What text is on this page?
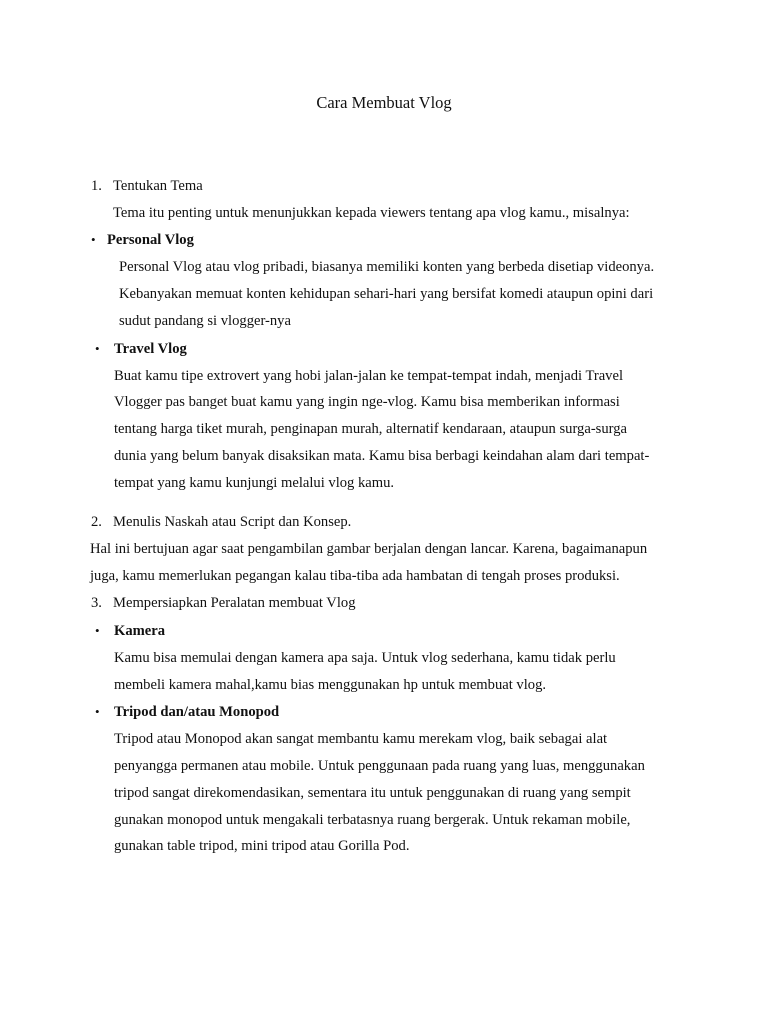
Cara Membuat Vlog
1. Tentukan Tema
Tema itu penting untuk menunjukkan kepada viewers tentang apa vlog kamu., misalnya:
• Personal Vlog
Personal Vlog atau vlog pribadi, biasanya memiliki konten yang berbeda disetiap videonya.
Kebanyakan memuat konten kehidupan sehari-hari yang bersifat komedi ataupun opini dari
sudut pandang si vlogger-nya
• Travel Vlog
Buat kamu tipe extrovert yang hobi jalan-jalan ke tempat-tempat indah, menjadi Travel
Vlogger pas banget buat kamu yang ingin nge-vlog. Kamu bisa memberikan informasi
tentang harga tiket murah, penginapan murah, alternatif kendaraan, ataupun surga-surga
dunia yang belum banyak disaksikan mata. Kamu bisa berbagi keindahan alam dari tempat-
tempat yang kamu kunjungi melalui vlog kamu.
2. Menulis Naskah atau Script dan Konsep.
Hal ini bertujuan agar saat pengambilan gambar berjalan dengan lancar. Karena, bagaimanapun
juga, kamu memerlukan pegangan kalau tiba-tiba ada hambatan di tengah proses produksi.
3. Mempersiapkan Peralatan membuat Vlog
• Kamera
Kamu bisa memulai dengan kamera apa saja. Untuk vlog sederhana, kamu tidak perlu
membeli kamera mahal,kamu bias menggunakan hp untuk membuat vlog.
• Tripod dan/atau Monopod
Tripod atau Monopod akan sangat membantu kamu merekam vlog, baik sebagai alat
penyangga permanen atau mobile. Untuk penggunaan pada ruang yang luas, menggunakan
tripod sangat direkomendasikan, sementara itu untuk penggunakan di ruang yang sempit
gunakan monopod untuk mengakali terbatasnya ruang bergerak. Untuk rekaman mobile,
gunakan table tripod, mini tripod atau Gorilla Pod.
